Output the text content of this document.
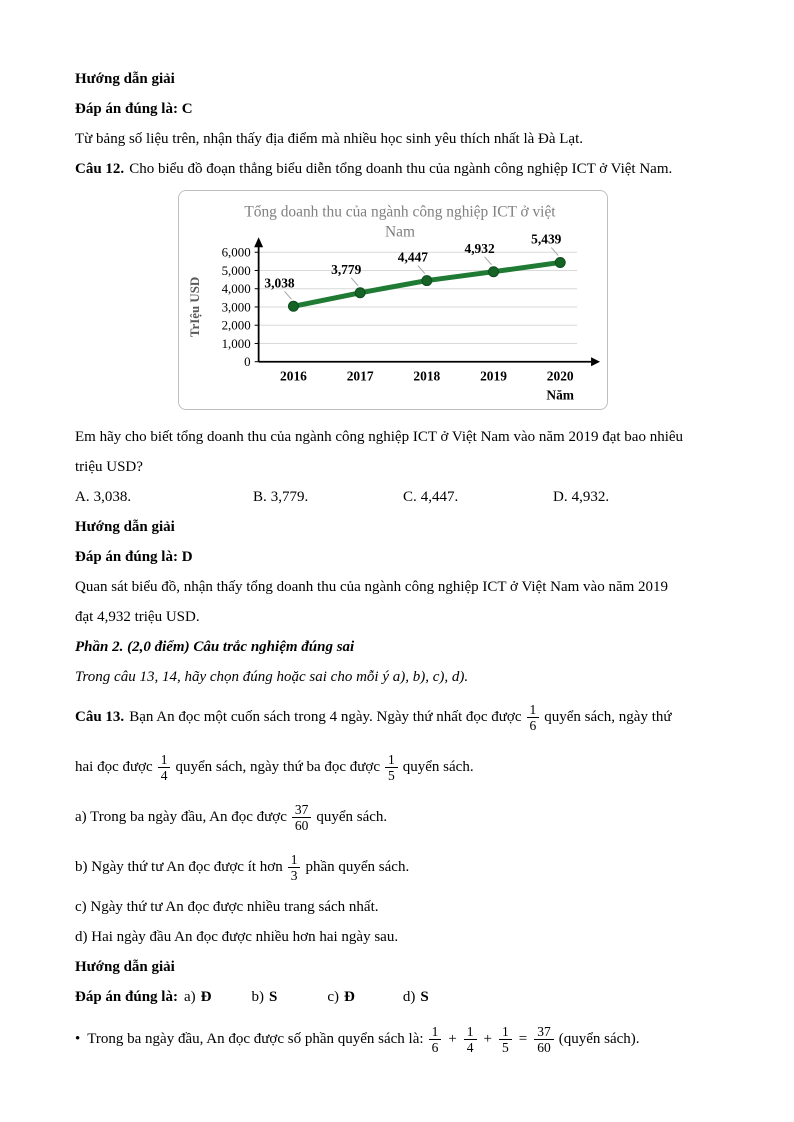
Hướng dẫn giải

Đáp án đúng là: C

Từ bảng số liệu trên, nhận thấy địa điểm mà nhiều học sinh yêu thích nhất là Đà Lạt.

Câu 12. Cho biểu đồ đoạn thẳng biểu diễn tổng doanh thu của ngành công nghiệp ICT ở Việt Nam.

Tổng doanh thu của ngành công nghiệp ICT ở việt
Nam
0
1,000
2,000
3,000
4,000
5,000
6,000
2016	2017	2018	2019	2020
Năm
TrIệu USD	3,038
3,779
4,447
4,932
5,439

Em hãy cho biết tổng doanh thu của ngành công nghiệp ICT ở Việt Nam vào năm 2019 đạt bao nhiêu
triệu USD?

A. 3,038.	B. 3,779.	C. 4,447.	D. 4,932.

Hướng dẫn giải

Đáp án đúng là: D

Quan sát biểu đồ, nhận thấy tổng doanh thu của ngành công nghiệp ICT ở Việt Nam vào năm 2019
đạt 4,932 triệu USD.

Phần 2. (2,0 điểm) Câu trắc nghiệm đúng sai

Trong câu 13, 14, hãy chọn đúng hoặc sai cho mỗi ý a), b), c), d).

Câu 13. Bạn An đọc một cuốn sách trong 4 ngày. Ngày thứ nhất đọc được $\frac{1}{6}$ quyển sách, ngày thứ

hai đọc được $\frac{1}{4}$ quyển sách, ngày thứ ba đọc được $\frac{1}{5}$ quyển sách.

a) Trong ba ngày đầu, An đọc được $\frac{37}{60}$ quyển sách.

b) Ngày thứ tư An đọc được ít hơn $\frac{1}{3}$ phần quyển sách.

c) Ngày thứ tư An đọc được nhiều trang sách nhất.

d) Hai ngày đầu An đọc được nhiều hơn hai ngày sau.

Hướng dẫn giải

Đáp án đúng là: a) Đ	b) S	c) Đ	d) S

• Trong ba ngày đầu, An đọc được số phần quyển sách là: $\frac{1}{6} + \frac{1}{4} + \frac{1}{5} = \frac{37}{60}$ (quyển sách).
